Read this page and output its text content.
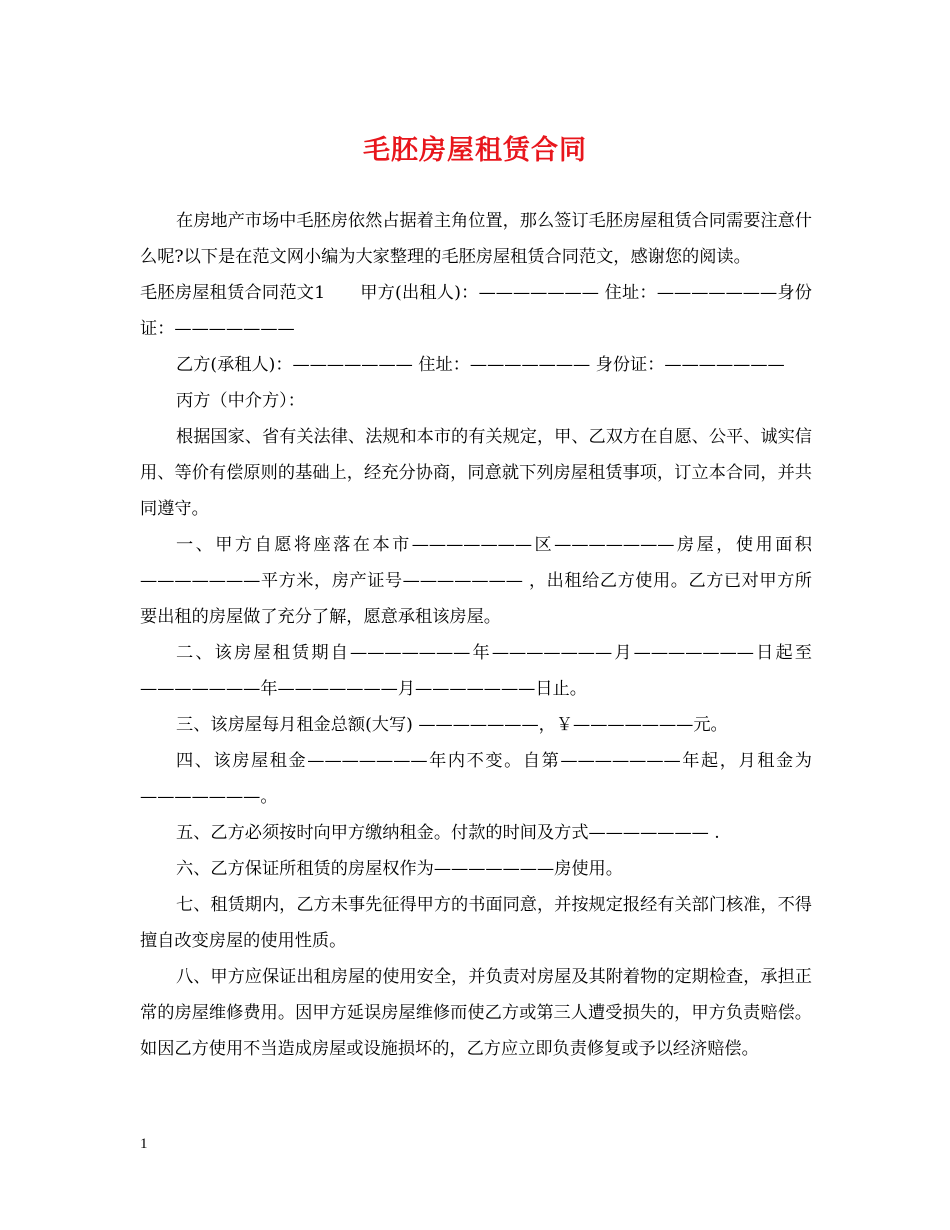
毛胚房屋租赁合同

在房地产市场中毛胚房依然占据着主角位置，那么签订毛胚房屋租赁合同需要注意什么呢?以下是在范文网小编为大家整理的毛胚房屋租赁合同范文，感谢您的阅读。

毛胚房屋租赁合同范文1　　甲方(出租人)：——————— 住址：———————身份证：———————

乙方(承租人)：——————— 住址：——————— 身份证：———————

丙方（中介方）：

根据国家、省有关法律、法规和本市的有关规定，甲、乙双方在自愿、公平、诚实信用、等价有偿原则的基础上，经充分协商，同意就下列房屋租赁事项，订立本合同，并共同遵守。

一、甲方自愿将座落在本市———————区———————房屋，使用面积 ———————平方米，房产证号——————— ，出租给乙方使用。乙方已对甲方所要出租的房屋做了充分了解，愿意承租该房屋。

二、该房屋租赁期自———————年———————月———————日起至———————年———————月———————日止。

三、该房屋每月租金总额(大写) ———————，￥———————元。

四、该房屋租金———————年内不变。自第———————年起，月租金为———————。

五、乙方必须按时向甲方缴纳租金。付款的时间及方式——————— .

六、乙方保证所租赁的房屋权作为———————房使用。

七、租赁期内，乙方未事先征得甲方的书面同意，并按规定报经有关部门核准，不得擅自改变房屋的使用性质。

八、甲方应保证出租房屋的使用安全，并负责对房屋及其附着物的定期检查，承担正常的房屋维修费用。因甲方延误房屋维修而使乙方或第三人遭受损失的，甲方负责赔偿。如因乙方使用不当造成房屋或设施损坏的，乙方应立即负责修复或予以经济赔偿。

1
